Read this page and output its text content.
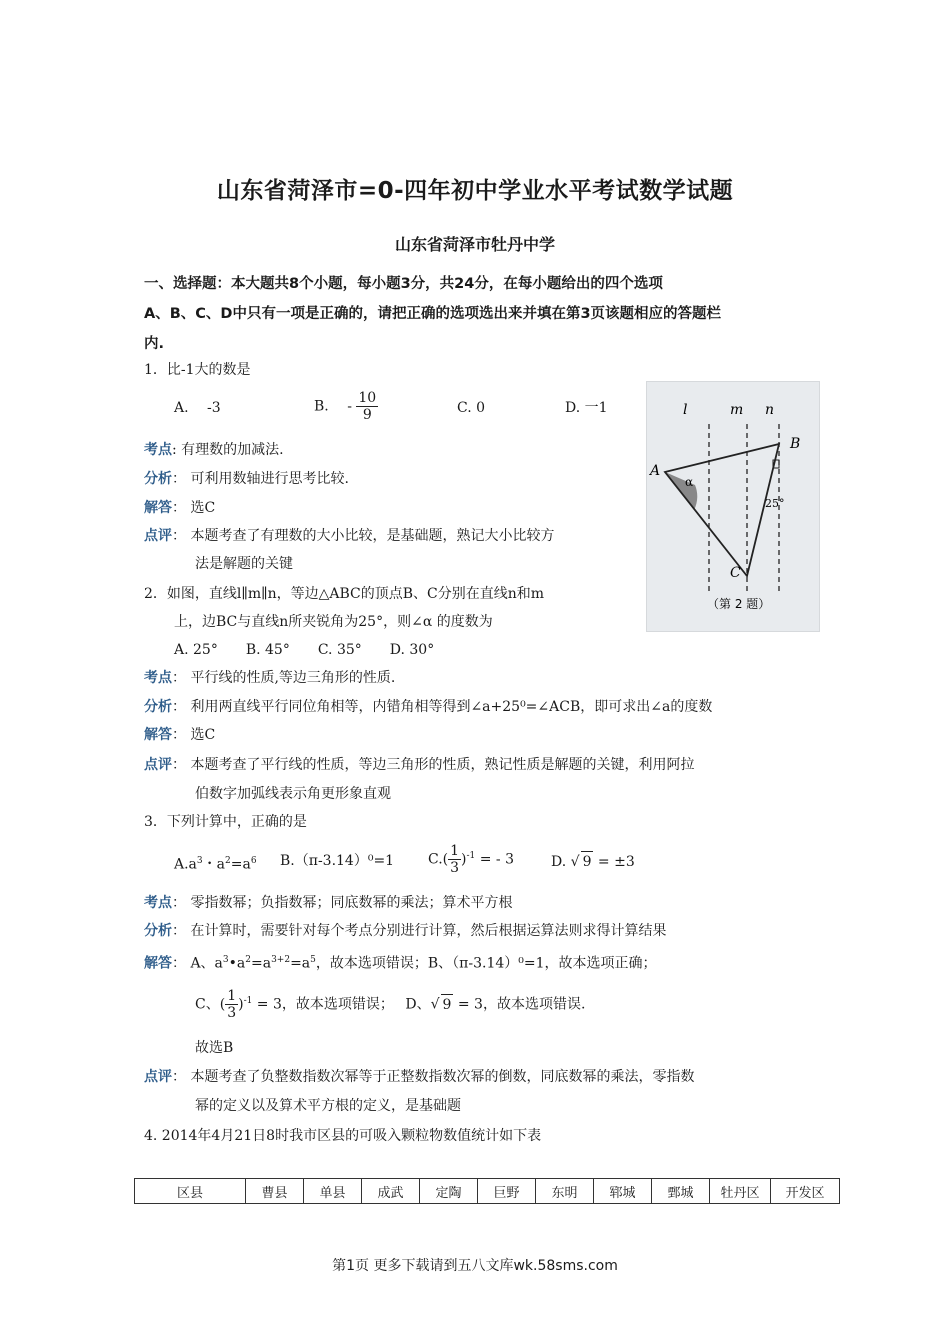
山东省菏泽市=0-四年初中学业水平考试数学试题
山东省菏泽市牡丹中学
一、选择题：本大题共8个小题，每小题3分，共24分，在每小题给出的四个选项
A、B、C、D中只有一项是正确的，请把正确的选项选出来并填在第3页该题相应的答题栏
内.
1．比-1大的数是
A.　 -3	B.　 - $\frac{10}{9}$	C. 0	D. 一1
考点: 有理数的加减法.
分析： 可利用数轴进行思考比较.
解答： 选C
点评： 本题考查了有理数的大小比较，是基础题，熟记大小比较方
法是解题的关键
l	m n
A
B
C
α
25°
（第 2 题）
2．如图，直线l∥m∥n，等边△ABC的顶点B、C分别在直线n和m
上，边BC与直线n所夹锐角为25°，则∠α 的度数为
A. 25°　　B. 45°　　C. 35°　　D. 30°
考点： 平行线的性质,等边三角形的性质.
分析： 利用两直线平行同位角相等，内错角相等得到∠a+25⁰=∠ACB，即可求出∠a的度数
解答： 选C
点评： 本题考查了平行线的性质，等边三角形的性质，熟记性质是解题的关键，利用阿拉
伯数字加弧线表示角更形象直观
3．下列计算中，正确的是
$A.a^3$・$a^2=a^6$ B.（π-3.14）⁰=1 $C.( \frac{1}{3} )^{-1}$ = - 3	D. √ 9 = ±3
考点： 零指数幂；负指数幂；同底数幂的乘法；算术平方根
分析： 在计算时，需要针对每个考点分别进行计算，然后根据运算法则求得计算结果
解答： A、$a^3•a^2=a^{3+2}=a^5$，故本选项错误；B、（π-3.14）⁰=1，故本选项正确；
C、( $\frac{1}{3} )^{-1} = 3$，故本选项错误；　 D、√ 9 = 3，故本选项错误.
故选B
点评： 本题考查了负整数指数次幂等于正整数指数次幂的倒数，同底数幂的乘法，零指数
幂的定义以及算术平方根的定义，是基础题
4. 2014年4月21日8时我市区县的可吸入颗粒物数值统计如下表
区县	曹县	单县	成武	定陶	巨野	东明	郓城	鄄城	牡丹区	开发区
第1页 更多下载请到五八文库wk.58sms.com
